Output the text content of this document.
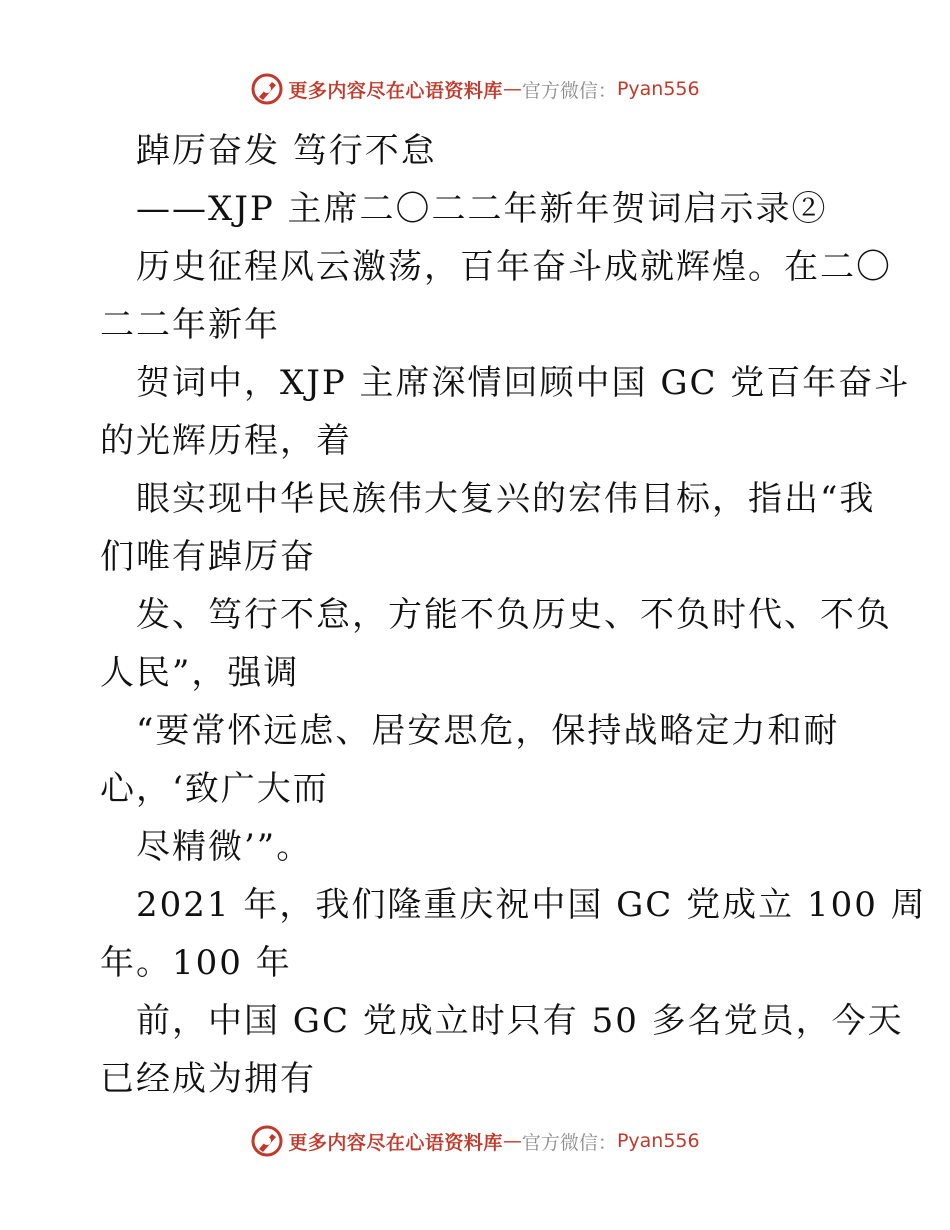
更多内容尽在心语资料库 — 官方微信： Pyan556
踔厉奋发 笃行不怠
——XJP 主席二〇二二年新年贺词启示录②
历史征程风云激荡，百年奋斗成就辉煌。在二〇
二二年新年
贺词中，XJP 主席深情回顾中国 GC 党百年奋斗
的光辉历程，着
眼实现中华民族伟大复兴的宏伟目标，指出“我
们唯有踔厉奋
发、笃行不怠，方能不负历史、不负时代、不负
人民”，强调
“要常怀远虑、居安思危，保持战略定力和耐
心，‘致广大而
尽精微’”。
2021 年，我们隆重庆祝中国 GC 党成立 100 周
年。100 年
前，中国 GC 党成立时只有 50 多名党员，今天
已经成为拥有
更多内容尽在心语资料库 — 官方微信： Pyan556
